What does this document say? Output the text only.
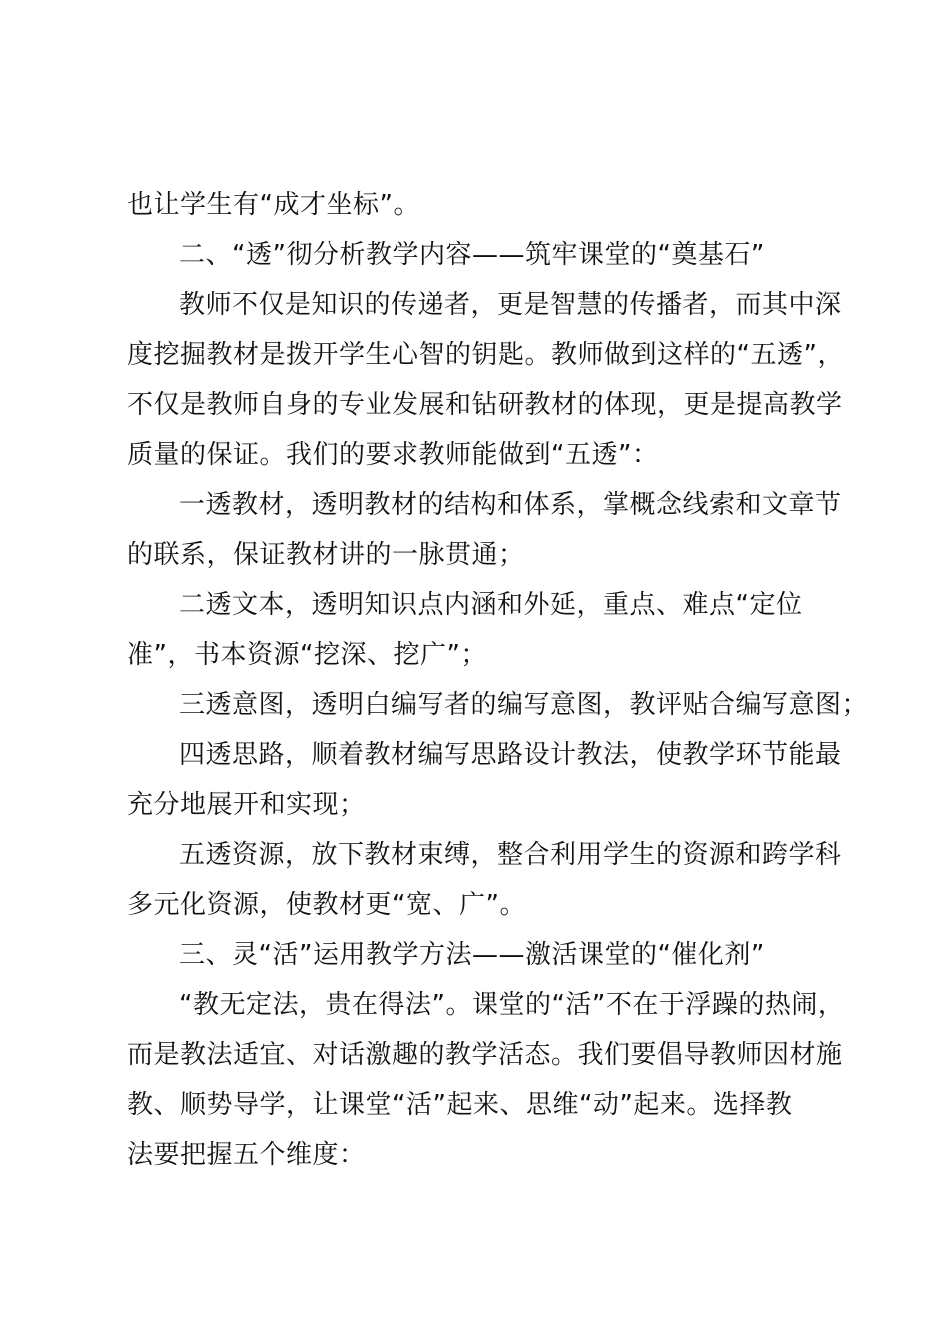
也让学生有“成才坐标”。
二、“透”彻分析教学内容——筑牢课堂的“奠基石”
教师不仅是知识的传递者，更是智慧的传播者，而其中深
度挖掘教材是拨开学生心智的钥匙。教师做到这样的“五透”，
不仅是教师自身的专业发展和钻研教材的体现，更是提高教学
质量的保证。我们的要求教师能做到“五透”：
一透教材，透明教材的结构和体系，掌概念线索和文章节
的联系，保证教材讲的一脉贯通；
二透文本，透明知识点内涵和外延，重点、难点“定位
准”，书本资源“挖深、挖广”；
三透意图，透明白编写者的编写意图，教评贴合编写意图；
四透思路，顺着教材编写思路设计教法，使教学环节能最
充分地展开和实现；
五透资源，放下教材束缚，整合利用学生的资源和跨学科
多元化资源，使教材更“宽、广”。
三、灵“活”运用教学方法——激活课堂的“催化剂”
“教无定法，贵在得法”。课堂的“活”不在于浮躁的热闹，
而是教法适宜、对话激趣的教学活态。我们要倡导教师因材施
教、顺势导学，让课堂“活”起来、思维“动”起来。选择教
法要把握五个维度：
